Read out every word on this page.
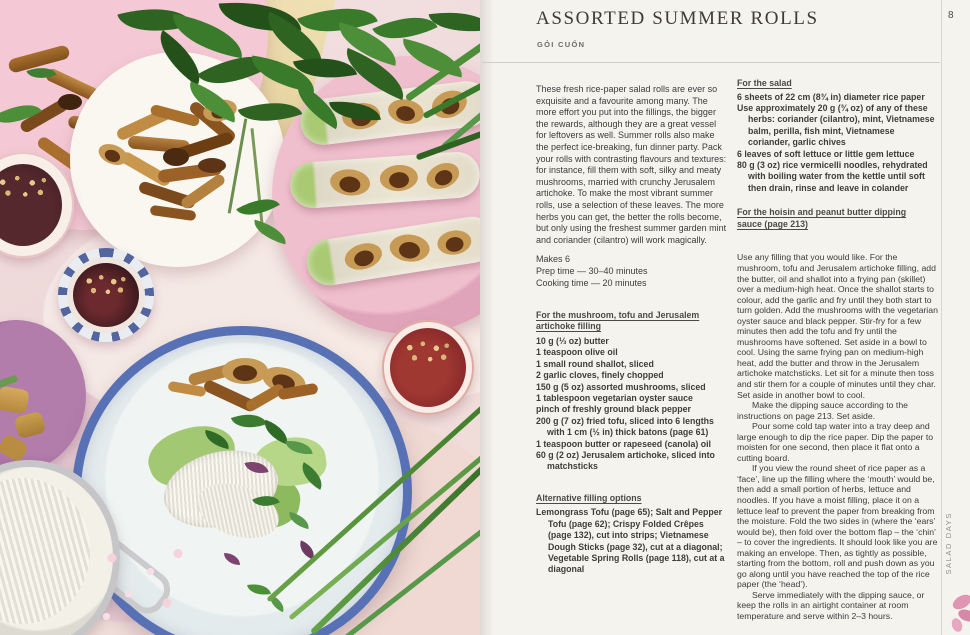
ASSORTED SUMMER ROLLS
GỎI CUỐN
8

These fresh rice-paper salad rolls are ever so exquisite and a favourite among many. The more effort you put into the fillings, the bigger the rewards, although they are a great vessel for leftovers as well. Summer rolls also make the perfect ice-breaking, fun dinner party. Pack your rolls with contrasting flavours and textures: for instance, fill them with soft, silky and meaty mushrooms, married with crunchy Jerusalem artichoke. To make the most vibrant summer rolls, use a selection of these leaves. The more herbs you can get, the better the rolls become, but only using the freshest summer garden mint and coriander (cilantro) will work magically.

Makes 6
Prep time — 30–40 minutes
Cooking time — 20 minutes
For the mushroom, tofu and Jerusalem artichoke filling
10 g (⅓ oz) butter
1 teaspoon olive oil
1 small round shallot, sliced
2 garlic cloves, finely chopped
150 g (5 oz) assorted mushrooms, sliced
1 tablespoon vegetarian oyster sauce
pinch of freshly ground black pepper
200 g (7 oz) fried tofu, sliced into 6 lengths with 1 cm (½ in) thick batons (page 61)
1 teaspoon butter or rapeseed (canola) oil
60 g (2 oz) Jerusalem artichoke, sliced into matchsticks
Alternative filling options

Lemongrass Tofu (page 65); Salt and Pepper Tofu (page 62); Crispy Folded Crêpes (page 132), cut into strips; Vietnamese Dough Sticks (page 32), cut at a diagonal; Vegetable Spring Rolls (page 118), cut at a diagonal

For the salad
6 sheets of 22 cm (8¾ in) diameter rice paper
Use approximately 20 g (¾ oz) of any of these herbs: coriander (cilantro), mint, Vietnamese balm, perilla, fish mint, Vietnamese coriander, garlic chives
6 leaves of soft lettuce or little gem lettuce
80 g (3 oz) rice vermicelli noodles, rehydrated with boiling water from the kettle until soft then drain, rinse and leave in colander
For the hoisin and peanut butter dipping sauce (page 213)

Use any filling that you would like. For the mushroom, tofu and Jerusalem artichoke filling, add the butter, oil and shallot into a frying pan (skillet) over a medium-high heat. Once the shallot starts to colour, add the garlic and fry until they both start to turn golden. Add the mushrooms with the vegetarian oyster sauce and black pepper. Stir-fry for a few minutes then add the tofu and fry until the mushrooms have softened. Set aside in a bowl to cool. Using the same frying pan on medium-high heat, add the butter and throw in the Jerusalem artichoke matchsticks. Let sit for a minute then toss and stir them for a couple of minutes until they char. Set aside in another bowl to cool.

Make the dipping sauce according to the instructions on page 213. Set aside.

Pour some cold tap water into a tray deep and large enough to dip the rice paper. Dip the paper to moisten for one second, then place it flat onto a cutting board.

If you view the round sheet of rice paper as a ‘face’, line up the filling where the ‘mouth’ would be, then add a small portion of herbs, lettuce and noodles. If you have a moist filling, place it on a lettuce leaf to prevent the paper from breaking from the moisture. Fold the two sides in (where the ‘ears’ would be), then fold over the bottom flap – the ‘chin’ – to cover the ingredients. It should look like you are making an envelope. Then, as tightly as possible, starting from the bottom, roll and push down as you go along until you have reached the top of the rice paper (the ‘head’).

Serve immediately with the dipping sauce, or keep the rolls in an airtight container at room temperature and serve within 2–3 hours.

SALAD DAYS
